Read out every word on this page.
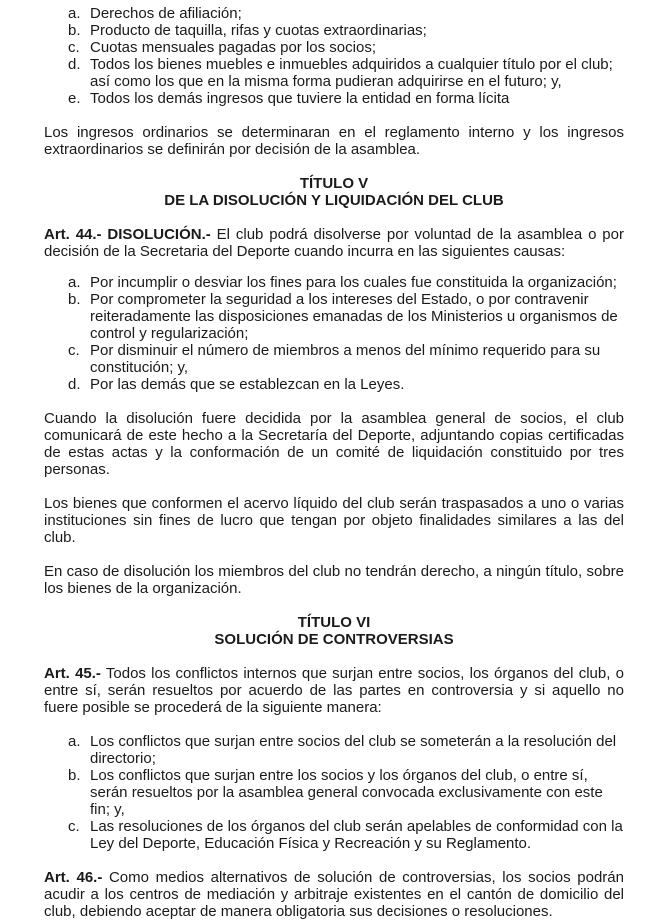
a. Derechos de afiliación;
b. Producto de taquilla, rifas y cuotas extraordinarias;
c. Cuotas mensuales pagadas por los socios;
d. Todos los bienes muebles e inmuebles adquiridos a cualquier título por el club; así como los que en la misma forma pudieran adquirirse en el futuro; y,
e. Todos los demás ingresos que tuviere la entidad en forma lícita

Los ingresos ordinarios se determinaran en el reglamento interno y los ingresos extraordinarios se definirán por decisión de la asamblea.

TÍTULO V

DE LA DISOLUCIÓN Y LIQUIDACIÓN DEL CLUB

Art. 44.- DISOLUCIÓN.- El club podrá disolverse por voluntad de la asamblea o por decisión de la Secretaria del Deporte cuando incurra en las siguientes causas:

a. Por incumplir o desviar los fines para los cuales fue constituida la organización;
b. Por comprometer la seguridad a los intereses del Estado, o por contravenir reiteradamente las disposiciones emanadas de los Ministerios u organismos de control y regularización;
c. Por disminuir el número de miembros a menos del mínimo requerido para su constitución; y,
d. Por las demás que se establezcan en la Leyes.

Cuando la disolución fuere decidida por la asamblea general de socios, el club comunicará de este hecho a la Secretaría del Deporte, adjuntando copias certificadas de estas actas y la conformación de un comité de liquidación constituido por tres personas.

Los bienes que conformen el acervo líquido del club serán traspasados a uno o varias instituciones sin fines de lucro que tengan por objeto finalidades similares a las del club.

En caso de disolución los miembros del club no tendrán derecho, a ningún título, sobre los bienes de la organización.

TÍTULO VI

SOLUCIÓN DE CONTROVERSIAS

Art. 45.- Todos los conflictos internos que surjan entre socios, los órganos del club, o entre sí, serán resueltos por acuerdo de las partes en controversia y si aquello no fuere posible se procederá de la siguiente manera:

a. Los conflictos que surjan entre socios del club se someterán a la resolución del directorio;
b. Los conflictos que surjan entre los socios y los órganos del club, o entre sí, serán resueltos por la asamblea general convocada exclusivamente con este fin; y,
c. Las resoluciones de los órganos del club serán apelables de conformidad con la Ley del Deporte, Educación Física y Recreación y su Reglamento.

Art. 46.- Como medios alternativos de solución de controversias, los socios podrán acudir a los centros de mediación y arbitraje existentes en el cantón de domicilio del club, debiendo aceptar de manera obligatoria sus decisiones o resoluciones.
